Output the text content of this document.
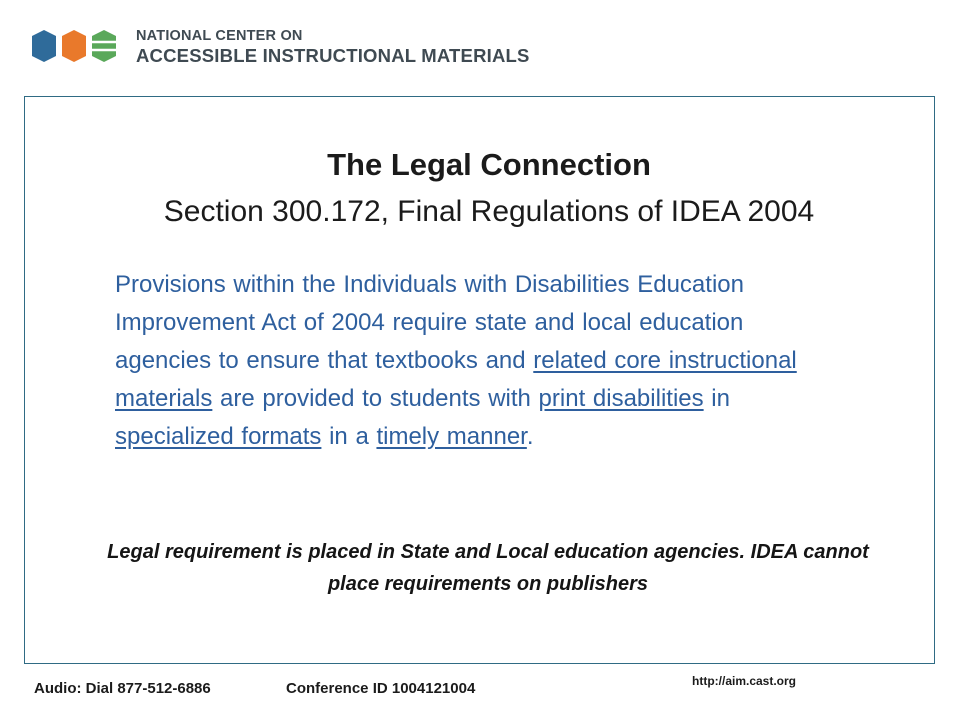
NATIONAL CENTER ON
ACCESSIBLE INSTRUCTIONAL MATERIALS
The Legal Connection
Section 300.172, Final Regulations of IDEA 2004
Provisions within the Individuals with Disabilities Education Improvement Act of 2004 require state and local education agencies to ensure that textbooks and related core instructional materials are provided to students with print disabilities in specialized formats in a timely manner.
Legal requirement is placed in State and Local education agencies. IDEA cannot place requirements on publishers
Audio: Dial 877-512-6886	Conference ID 1004121004	http://aim.cast.org
